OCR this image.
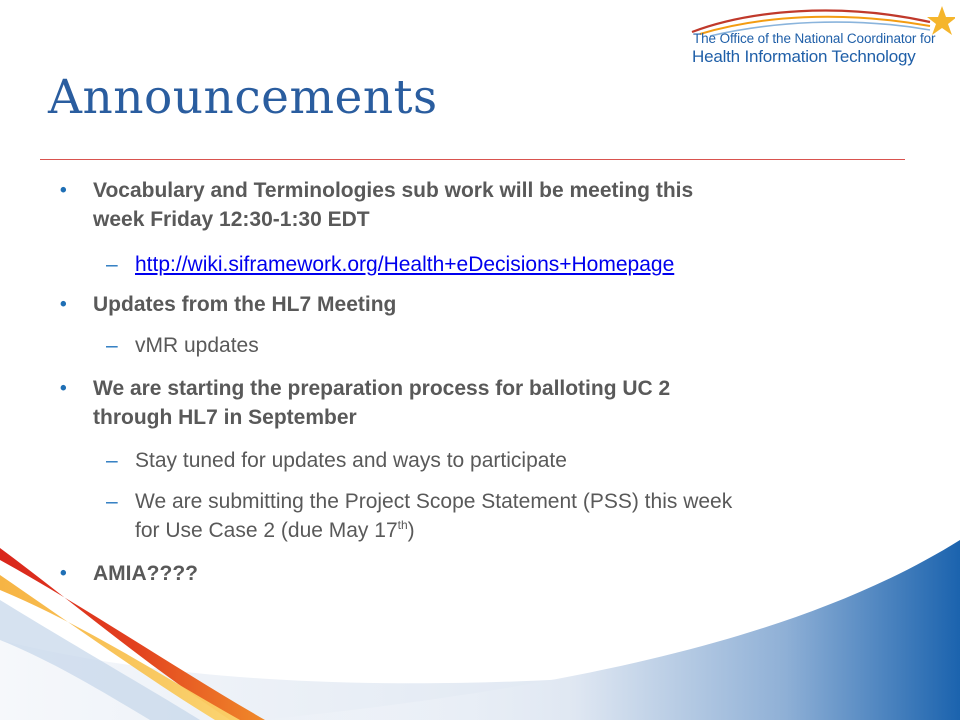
The Office of the National Coordinator for
Health Information Technology
Announcements
• Vocabulary and Terminologies sub work will be meeting this
week Friday 12:30-1:30 EDT
– http://wiki.siframework.org/Health+eDecisions+Homepage
• Updates from the HL7 Meeting
– vMR updates
• We are starting the preparation process for balloting UC 2
through HL7 in September
– Stay tuned for updates and ways to participate
– We are submitting the Project Scope Statement (PSS) this week
for Use Case 2 (due May 17th)
• AMIA????
